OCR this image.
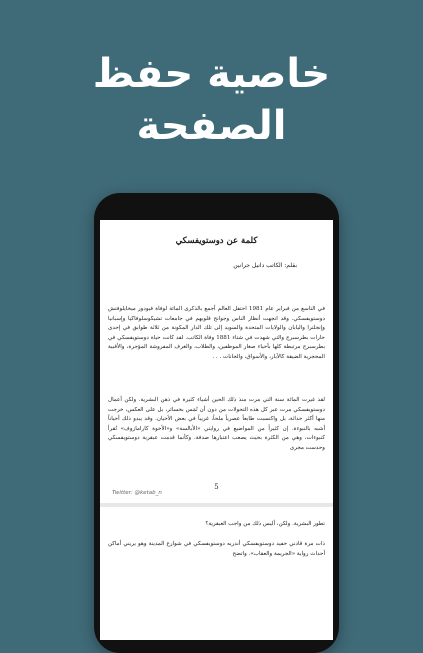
خاصية حفظ
الصفحة
كلمة عن دوستويفسكي
بقلم: الكاتب دانيل جرانين
في التاسع من فبراير عام 1981 احتفل العالم أجمع بالذكرى المائة لوفاة فيودور ميخايلوفتش دوستويفسكي. وقد انجهت أنظار الناس وجوانح قلوبهم في جامعات تشيكوسلوفاكيا وإسبانيا وإنجلترا واليابان والولايات المتحدة والسويد إلى تلك الدار المكونة من ثلاثة طوابق في إحدى حارات بطرسبرج والتي شهدت في شتاء 1881 وفاة الكاتب. لقد كانت حياة دوستويفسكي في بطرسبرج مرتبطة كلها بأحياء صغار الموظفين، والطلاب، والغرف المفروشة المؤجرة، والأقبية المحجرية الضيقة كالآبار، والأسواق، والحانات . . .
لقد غيرت المائة سنة التي مرت منذ ذلك الحين أشياء كثيرة في ذهن البشرية. ولكن أعمال دوستويفسكي مرت عبر كل هذه التحولات من دون أن تُمَس بخسائر، بل على العكس، خرجت منها أكثر حداثة، بل واكتسبت طابعاً عصرياً ملحاً، غريباً في بعض الأحيان. وقد يبدو ذلك أحياناً أشبه بالنبوءة. إن كثيراً من المواضيع في روايتي «الأبالسة» و«الأخوة كارامازوف» تُقرأ كنبوءات، وهي من الكثرة بحيث يصعب اعتبارها صدفة. وكأنما قدمت عبقرية دوستويفسكي وحدست مجرى
5
Twitter: @ketab_n
تطور البشرية. ولكن، أليس ذلك من واجب العبقرية؟
ذات مرة قادني حفيد دوستويفسكي أندريه دوستويفسكي في شوارع المدينة وهو يريني أماكن أحداث رواية «الجريمة والعقاب». واتضح
